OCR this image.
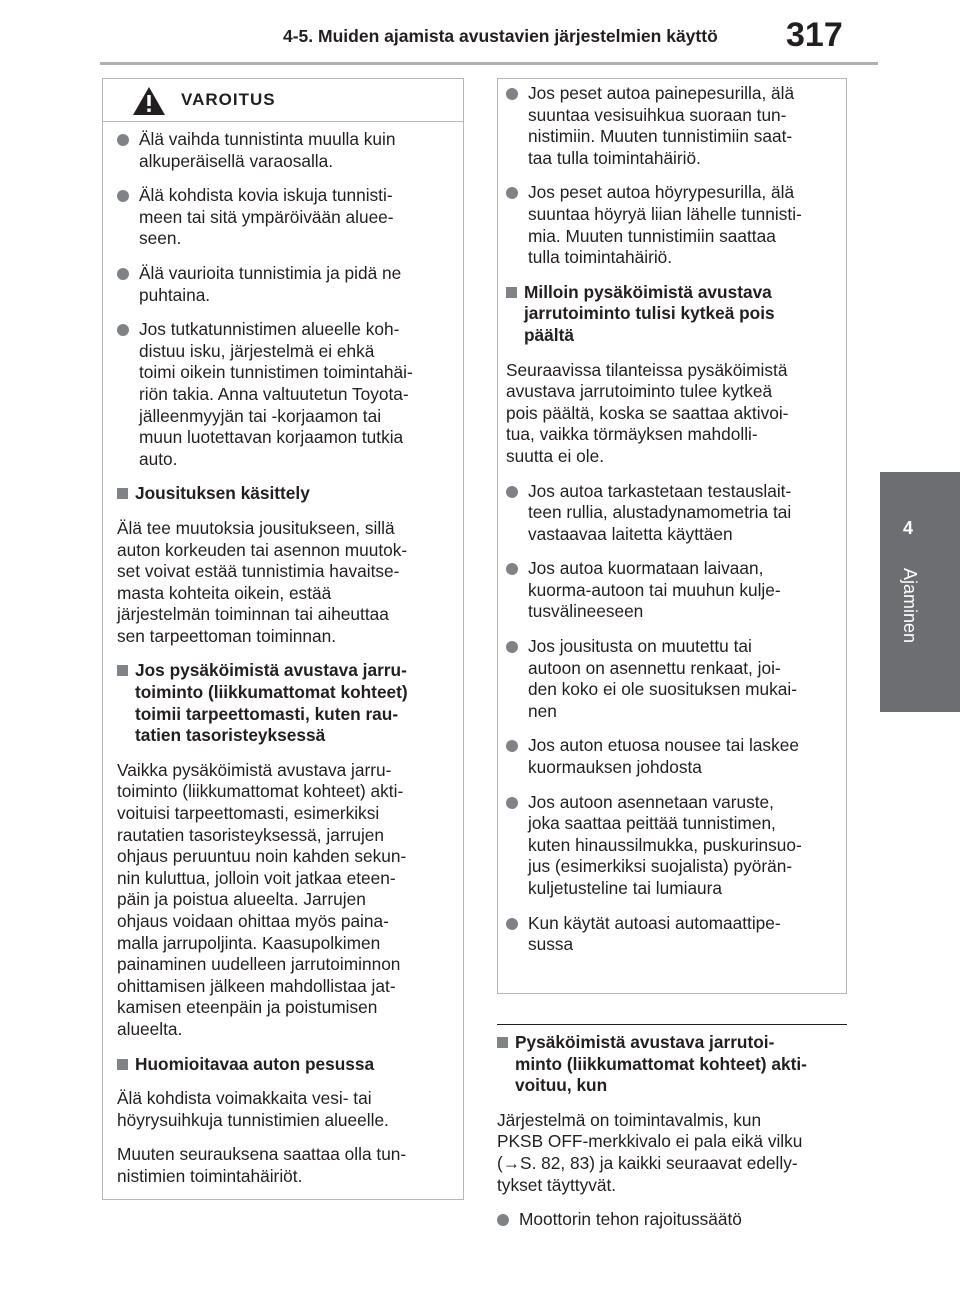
4-5. Muiden ajamista avustavien järjestelmien käyttö 317
4
Ajaminen
VAROITUS
Älä vaihda tunnistinta muulla kuin
alkuperäisellä varaosalla.
Älä kohdista kovia iskuja tunnisti-
meen tai sitä ympäröivään aluee-
seen.
Älä vaurioita tunnistimia ja pidä ne
puhtaina.
Jos tutkatunnistimen alueelle koh-
distuu isku, järjestelmä ei ehkä
toimi oikein tunnistimen toimintahäi-
riön takia. Anna valtuutetun Toyota-
jälleenmyyjän tai -korjaamon tai
muun luotettavan korjaamon tutkia
auto.
Jousituksen käsittely
Älä tee muutoksia jousitukseen, sillä
auton korkeuden tai asennon muutok-
set voivat estää tunnistimia havaitse-
masta kohteita oikein, estää
järjestelmän toiminnan tai aiheuttaa
sen tarpeettoman toiminnan.
Jos pysäköimistä avustava jarru-
toiminto (liikkumattomat kohteet)
toimii tarpeettomasti, kuten rau-
tatien tasoristeyksessä
Vaikka pysäköimistä avustava jarru-
toiminto (liikkumattomat kohteet) akti-
voituisi tarpeettomasti, esimerkiksi
rautatien tasoristeyksessä, jarrujen
ohjaus peruuntuu noin kahden sekun-
nin kuluttua, jolloin voit jatkaa eteen-
päin ja poistua alueelta. Jarrujen
ohjaus voidaan ohittaa myös paina-
malla jarrupoljinta. Kaasupolkimen
painaminen uudelleen jarrutoiminnon
ohittamisen jälkeen mahdollistaa jat-
kamisen eteenpäin ja poistumisen
alueelta.
Huomioitavaa auton pesussa
Älä kohdista voimakkaita vesi- tai
höyrysuihkuja tunnistimien alueelle.
Muuten seurauksena saattaa olla tun-
nistimien toimintahäiriöt.
Jos peset autoa painepesurilla, älä
suuntaa vesisuihkua suoraan tun-
nistimiin. Muuten tunnistimiin saat-
taa tulla toimintahäiriö.
Jos peset autoa höyrypesurilla, älä
suuntaa höyryä liian lähelle tunnisti-
mia. Muuten tunnistimiin saattaa
tulla toimintahäiriö.
Milloin pysäköimistä avustava
jarrutoiminto tulisi kytkeä pois
päältä
Seuraavissa tilanteissa pysäköimistä
avustava jarrutoiminto tulee kytkeä
pois päältä, koska se saattaa aktivoi-
tua, vaikka törmäyksen mahdolli-
suutta ei ole.
Jos autoa tarkastetaan testauslait-
teen rullia, alustadynamometria tai
vastaavaa laitetta käyttäen
Jos autoa kuormataan laivaan,
kuorma-autoon tai muuhun kulje-
tusvälineeseen
Jos jousitusta on muutettu tai
autoon on asennettu renkaat, joi-
den koko ei ole suosituksen mukai-
nen
Jos auton etuosa nousee tai laskee
kuormauksen johdosta
Jos autoon asennetaan varuste,
joka saattaa peittää tunnistimen,
kuten hinaussilmukka, puskurinsuo-
jus (esimerkiksi suojalista) pyörän-
kuljetusteline tai lumiaura
Kun käytät autoasi automaattipe-
sussa
Pysäköimistä avustava jarrutoi-
minto (liikkumattomat kohteet) akti-
voituu, kun
Järjestelmä on toimintavalmis, kun
PKSB OFF-merkkivalo ei pala eikä vilku
(→S. 82, 83) ja kaikki seuraavat edelly-
tykset täyttyvät.
Moottorin tehon rajoitussäätö
